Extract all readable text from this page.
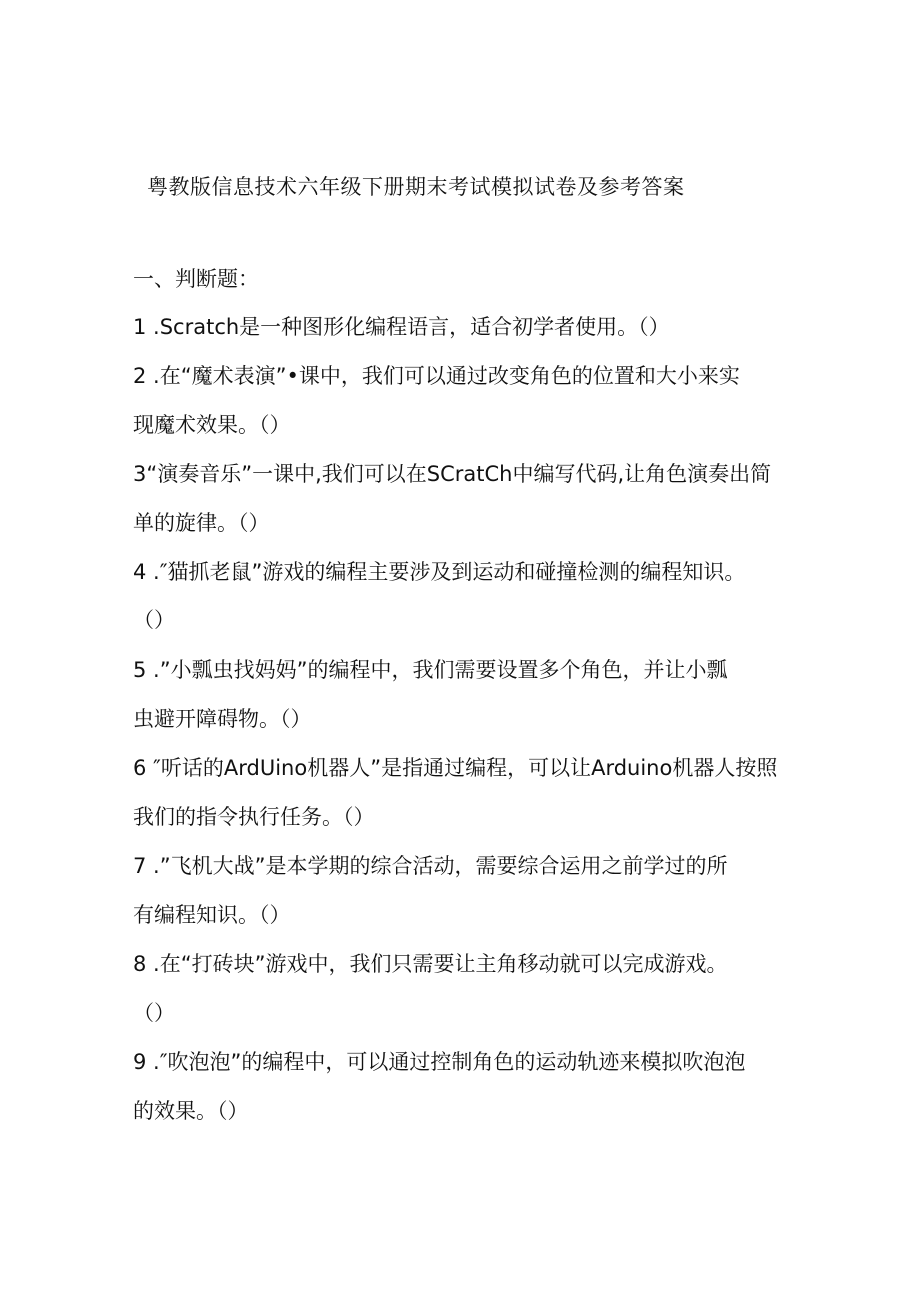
粤教版信息技术六年级下册期末考试模拟试卷及参考答案
一、判断题：
1 .Scratch是一种图形化编程语言，适合初学者使用。（）
2 .在“魔术表演”•课中，我们可以通过改变角色的位置和大小来实
现魔术效果。（）
3“演奏音乐”一课中,我们可以在SCratCh中编写代码,让角色演奏出简
单的旋律。（）
4 .″猫抓老鼠”游戏的编程主要涉及到运动和碰撞检测的编程知识。
（）
5 .”小瓢虫找妈妈”的编程中，我们需要设置多个角色，并让小瓢
虫避开障碍物。（）
6 ″听话的ArdUino机器人”是指通过编程，可以让Arduino机器人按照
我们的指令执行任务。（）
7 .”飞机大战”是本学期的综合活动，需要综合运用之前学过的所
有编程知识。（）
8 .在“打砖块”游戏中，我们只需要让主角移动就可以完成游戏。
（）
9 .″吹泡泡”的编程中，可以通过控制角色的运动轨迹来模拟吹泡泡
的效果。（）
